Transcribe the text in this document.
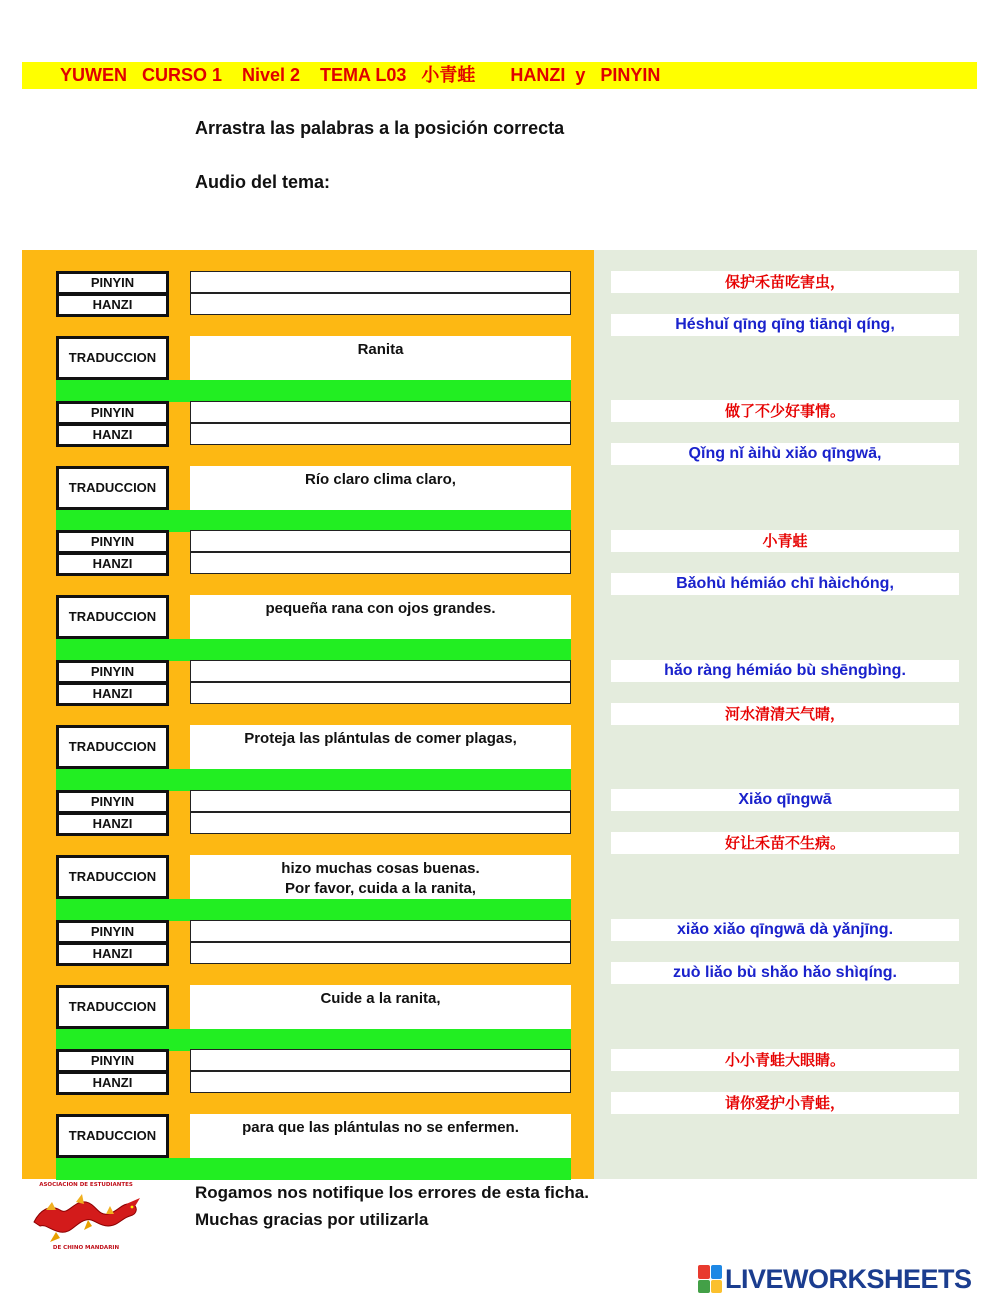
YUWEN   CURSO 1    Nivel 2    TEMA L03   小青蛙       HANZI  y   PINYIN
Arrastra las palabras a la posición correcta
Audio del tema:
PINYIN
HANZI
TRADUCCION	Ranita
PINYIN
HANZI
TRADUCCION	Río claro clima claro,
PINYIN
HANZI
TRADUCCION	pequeña rana con ojos grandes.
PINYIN
HANZI
TRADUCCION	Proteja las plántulas de comer plagas,
PINYIN
HANZI
TRADUCCION	hizo muchas cosas buenas.
Por favor, cuida a la ranita,
PINYIN
HANZI
TRADUCCION	Cuide a la ranita,
PINYIN
HANZI
TRADUCCION	para que las plántulas no se enfermen.
保护禾苗吃害虫，
Héshuǐ qīng qīng tiānqì qíng,
做了不少好事情。
Qǐng nǐ àihù xiǎo qīngwā,
小青蛙
Bǎohù hémiáo chī hàichóng,
hǎo ràng hémiáo bù shēngbìng.
河水清清天气晴，
Xiǎo qīngwā
好让禾苗不生病。
xiǎo xiǎo qīngwā dà yǎnjīng.
zuò liǎo bù shǎo hǎo shìqíng.
小小青蛙大眼睛。
请你爱护小青蛙，
ASOCIACION DE ESTUDIANTES
DE CHINO MANDARIN
Rogamos nos notifique los errores de esta ficha.
Muchas gracias por utilizarla
LIVEWORKSHEETS
